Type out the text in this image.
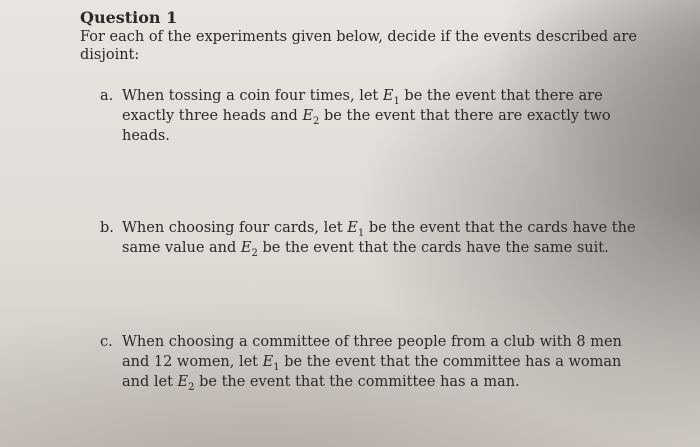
Question 1

For each of the experiments given below, decide if the events described are disjoint:

a. When tossing a coin four times, let $E_1$ be the event that there are exactly three heads and $E_2$ be the event that there are exactly two heads.
b. When choosing four cards, let $E_1$ be the event that the cards have the same value and $E_2$ be the event that the cards have the same suit.
c. When choosing a committee of three people from a club with 8 men and 12 women, let $E_1$ be the event that the committee has a woman and let $E_2$ be the event that the committee has a man.
